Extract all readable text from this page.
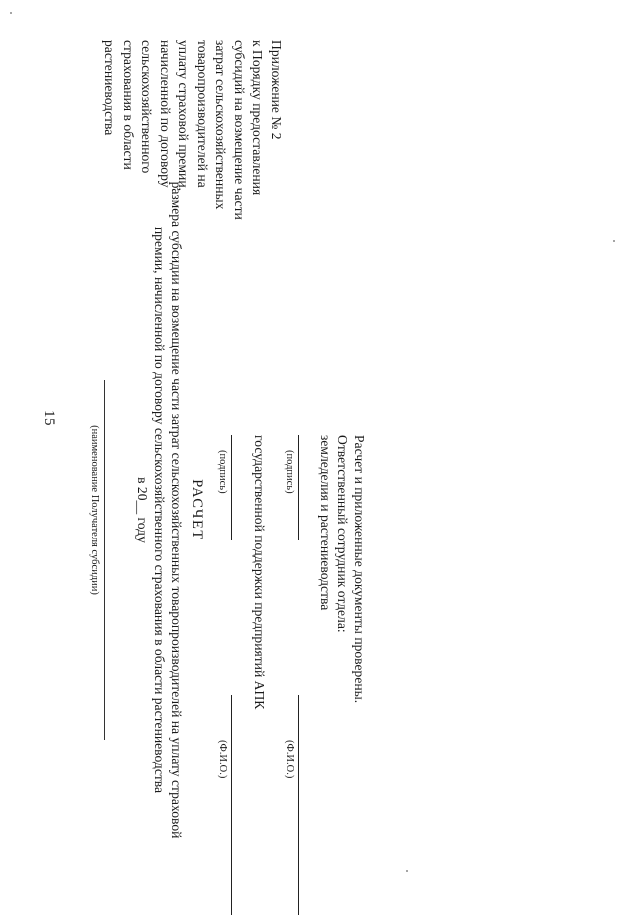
15
Приложение № 2
к Порядку предоставления
субсидий на возмещение части
затрат сельскохозяйственных
товаропроизводителей на
уплату страховой премии,
начисленной по договору
сельскохозяйственного
страхования в области
растениеводства
Расчет и приложенные документы проверены.
Ответственный сотрудник отдела:
земледелия и растениеводства
(подпись)
(Ф.И.О.)
государственной поддержки предприятий АПК
(подпись)
(Ф.И.О.)
РАСЧЕТ
размера субсидии на возмещение части затрат сельскохозяйственных товаропроизводителей на уплату страховой
премии, начисленной по договору сельскохозяйственного страхования в области растениеводства
в 20__ году
(наименование Получателя субсидии)
